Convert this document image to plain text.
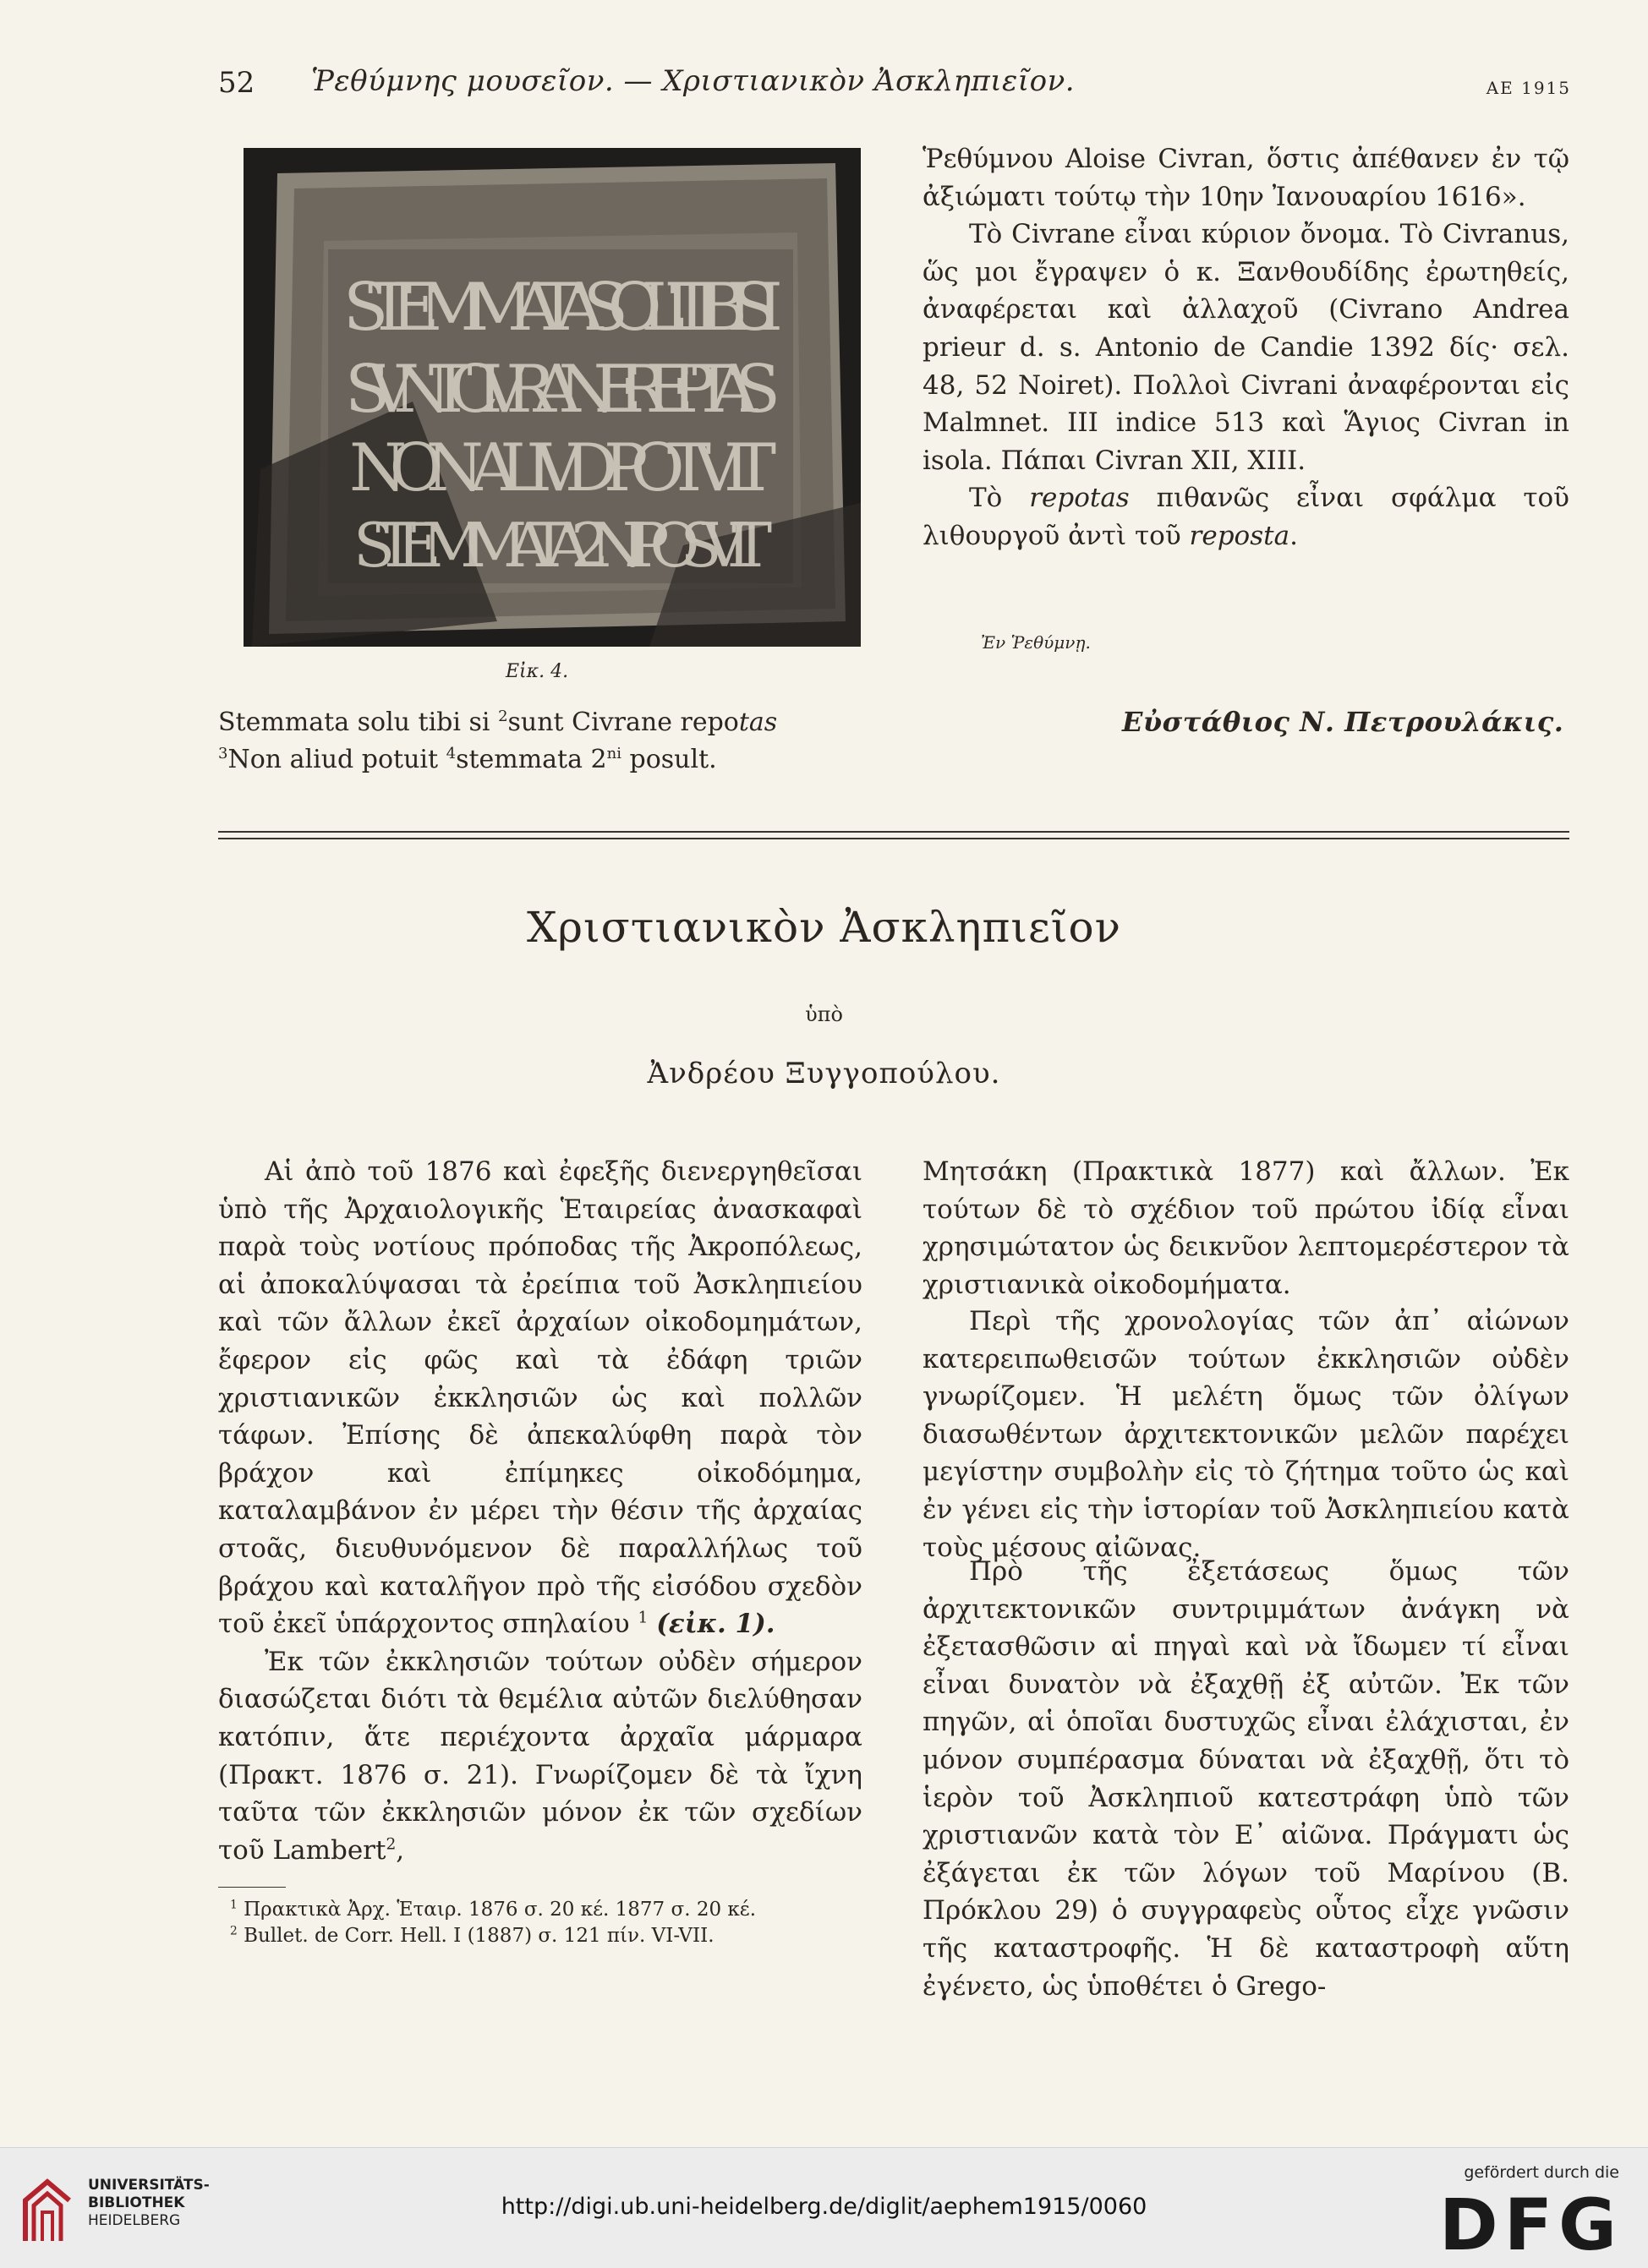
52 Ῥεθύμνης μουσεῖον. — Χριστιανικὸν Ἀσκληπιεῖον.	ΑΕ 1915
STEMMATA SOLI TIBI SI
SVNT CIVRANE REP TAS
NON ALIVD POTVIT
STEMMATA 2NI POSVIT
Εἰκ. 4.

Ῥεθύμνου Aloise Civran, ὅστις ἀπέθανεν ἐν τῷ ἀξιώματι τούτῳ τὴν 10ην Ἰανουαρίου 1616».

Τὸ Civrane εἶναι κύριον ὄνομα. Τὸ Civranus, ὥς μοι ἔγραψεν ὁ κ. Ξανθουδίδης ἐρωτηθείς, ἀναφέρεται καὶ ἀλλαχοῦ (Civrano Andrea prieur d. s. Antonio de Candie 1392 δίς· σελ. 48, 52 Noiret). Πολλοὶ Civrani ἀναφέρονται εἰς Malmnet. III indice 513 καὶ Ἅγιος Civran in isola. Πάπαι Civran XII, XIII.

Τὸ repotas πιθανῶς εἶναι σφάλμα τοῦ λιθουργοῦ ἀντὶ τοῦ reposta.

Ἐν Ῥεθύμνῃ.
Εὐστάθιος Ν. Πετρουλάκις.
Stemmata solu tibi si $^2$sunt Civrane repotas
$^3$Non aliud potuit $^4$stemmata $2^{ni}$ posult.
Χριστιανικὸν Ἀσκληπιεῖον
ὑπὸ
Ἀνδρέου Ξυγγοπούλου.

Αἱ ἀπὸ τοῦ 1876 καὶ ἐφεξῆς διενεργηθεῖσαι ὑπὸ τῆς Ἀρχαιολογικῆς Ἑταιρείας ἀνασκαφαὶ παρὰ τοὺς νοτίους πρόποδας τῆς Ἀκροπόλεως, αἱ ἀποκαλύψασαι τὰ ἐρείπια τοῦ Ἀσκληπιείου καὶ τῶν ἄλλων ἐκεῖ ἀρχαίων οἰκοδομημάτων, ἔφερον εἰς φῶς καὶ τὰ ἐδάφη τριῶν χριστιανικῶν ἐκκλησιῶν ὡς καὶ πολλῶν τάφων. Ἐπίσης δὲ ἀπεκαλύφθη παρὰ τὸν βράχον καὶ ἐπίμηκες οἰκοδόμημα, καταλαμβάνον ἐν μέρει τὴν θέσιν τῆς ἀρχαίας στοᾶς, διευθυνόμενον δὲ παραλλήλως τοῦ βράχου καὶ καταλῆγον πρὸ τῆς εἰσόδου σχεδὸν τοῦ ἐκεῖ ὑπάρχοντος σπηλαίου $^1$ (εἰκ. 1).

Ἐκ τῶν ἐκκλησιῶν τούτων οὐδὲν σήμερον διασώζεται διότι τὰ θεμέλια αὐτῶν διελύθησαν κατόπιν, ἅτε περιέχοντα ἀρχαῖα μάρμαρα (Πρακτ. 1876 σ. 21). Γνωρίζομεν δὲ τὰ ἴχνη ταῦτα τῶν ἐκκλησιῶν μόνον ἐκ τῶν σχεδίων τοῦ Lambert$^2$,

Μητσάκη (Πρακτικὰ 1877) καὶ ἄλλων. Ἐκ τούτων δὲ τὸ σχέδιον τοῦ πρώτου ἰδίᾳ εἶναι χρησιμώτατον ὡς δεικνῦον λεπτομερέστερον τὰ χριστιανικὰ οἰκοδομήματα.

Περὶ τῆς χρονολογίας τῶν ἀπ᾽ αἰώνων κατερειπωθεισῶν τούτων ἐκκλησιῶν οὐδὲν γνωρίζομεν. Ἡ μελέτη ὅμως τῶν ὀλίγων διασωθέντων ἀρχιτεκτονικῶν μελῶν παρέχει μεγίστην συμβολὴν εἰς τὸ ζήτημα τοῦτο ὡς καὶ ἐν γένει εἰς τὴν ἱστορίαν τοῦ Ἀσκληπιείου κατὰ τοὺς μέσους αἰῶνας.

Πρὸ τῆς ἐξετάσεως ὅμως τῶν ἀρχιτεκτονικῶν συντριμμάτων ἀνάγκη νὰ ἐξετασθῶσιν αἱ πηγαὶ καὶ νὰ ἴδωμεν τί εἶναι εἶναι δυνατὸν νὰ ἐξαχθῇ ἐξ αὐτῶν. Ἐκ τῶν πηγῶν, αἱ ὁποῖαι δυστυχῶς εἶναι ἐλάχισται, ἐν μόνον συμπέρασμα δύναται νὰ ἐξαχθῇ, ὅτι τὸ ἱερὸν τοῦ Ἀσκληπιοῦ κατεστράφη ὑπὸ τῶν χριστιανῶν κατὰ τὸν Ε᾽ αἰῶνα. Πράγματι ὡς ἐξάγεται ἐκ τῶν λόγων τοῦ Μαρίνου (Β. Πρόκλου 29) ὁ συγγραφεὺς οὗτος εἶχε γνῶσιν τῆς καταστροφῆς. Ἡ δὲ καταστροφὴ αὕτη ἐγένετο, ὡς ὑποθέτει ὁ Grego-

$^1$ Πρακτικὰ Ἀρχ. Ἑταιρ. 1876 σ. 20 κέ. 1877 σ. 20 κέ.

$^2$ Bullet. de Corr. Hell. I (1887) σ. 121 πίν. VI-VII.

UNIVERSITÄTS-
BIBLIOTHEK
HEIDELBERG
http://digi.ub.uni-heidelberg.de/diglit/aephem1915/0060
gefördert durch die
DFG
